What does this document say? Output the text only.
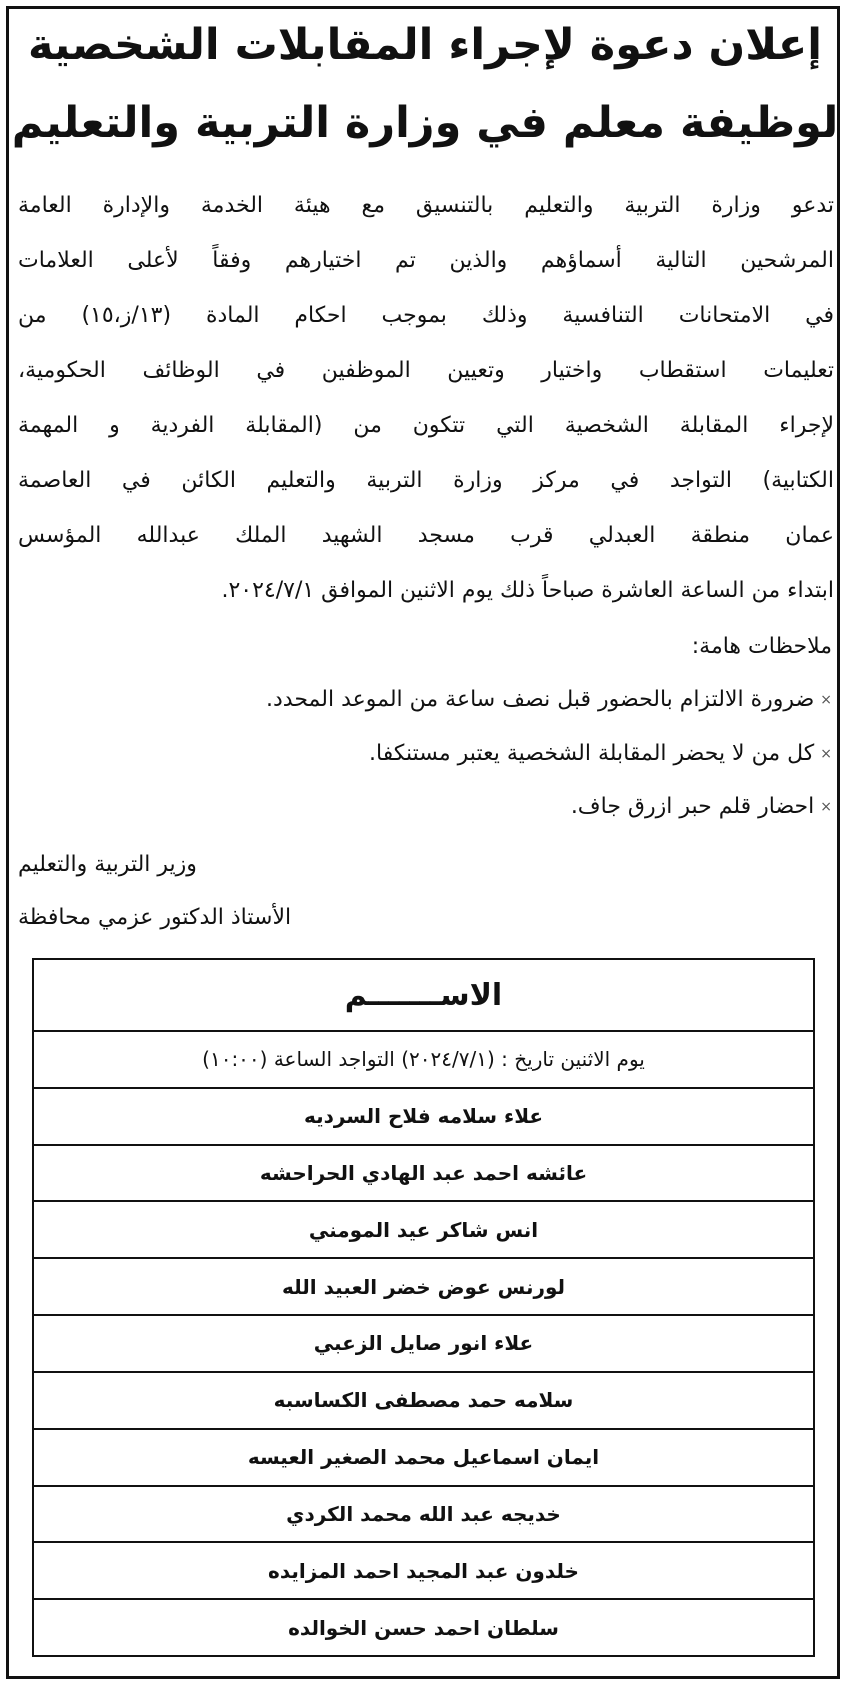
إعلان دعوة لإجراء المقابلات الشخصية
لوظيفة معلم في وزارة التربية والتعليم
تدعو وزارة التربية والتعليم بالتنسيق مع هيئة الخدمة والإدارة العامة
المرشحين التالية أسماؤهم والذين تم اختيارهم وفقاً لأعلى العلامات
في الامتحانات التنافسية وذلك بموجب احكام المادة (١٣/ز،١٥) من
تعليمات استقطاب واختيار وتعيين الموظفين في الوظائف الحكومية،
لإجراء المقابلة الشخصية التي تتكون من (المقابلة الفردية و المهمة
الكتابية) التواجد في مركز وزارة التربية والتعليم الكائن في العاصمة
عمان منطقة العبدلي قرب مسجد الشهيد الملك عبدالله المؤسس
ابتداء من الساعة العاشرة صباحاً ذلك يوم الاثنين الموافق ٢٠٢٤/٧/١.
ملاحظات هامة:
×ضرورة الالتزام بالحضور قبل نصف ساعة من الموعد المحدد.
×كل من لا يحضر المقابلة الشخصية يعتبر مستنكفا.
×احضار قلم حبر ازرق جاف.
وزير التربية والتعليم
الأستاذ الدكتور عزمي محافظة
الاســـــــم
يوم الاثنين تاريخ : (٢٠٢٤/٧/١) التواجد الساعة (١٠:٠٠)
علاء سلامه فلاح السرديه
عائشه احمد عبد الهادي الحراحشه
انس شاكر عيد المومني
لورنس عوض خضر العبيد الله
علاء انور صايل الزعبي
سلامه حمد مصطفى الكساسبه
ايمان اسماعيل محمد الصغير العيسه
خديجه عبد الله محمد الكردي
خلدون عبد المجيد احمد المزايده
سلطان احمد حسن الخوالده
